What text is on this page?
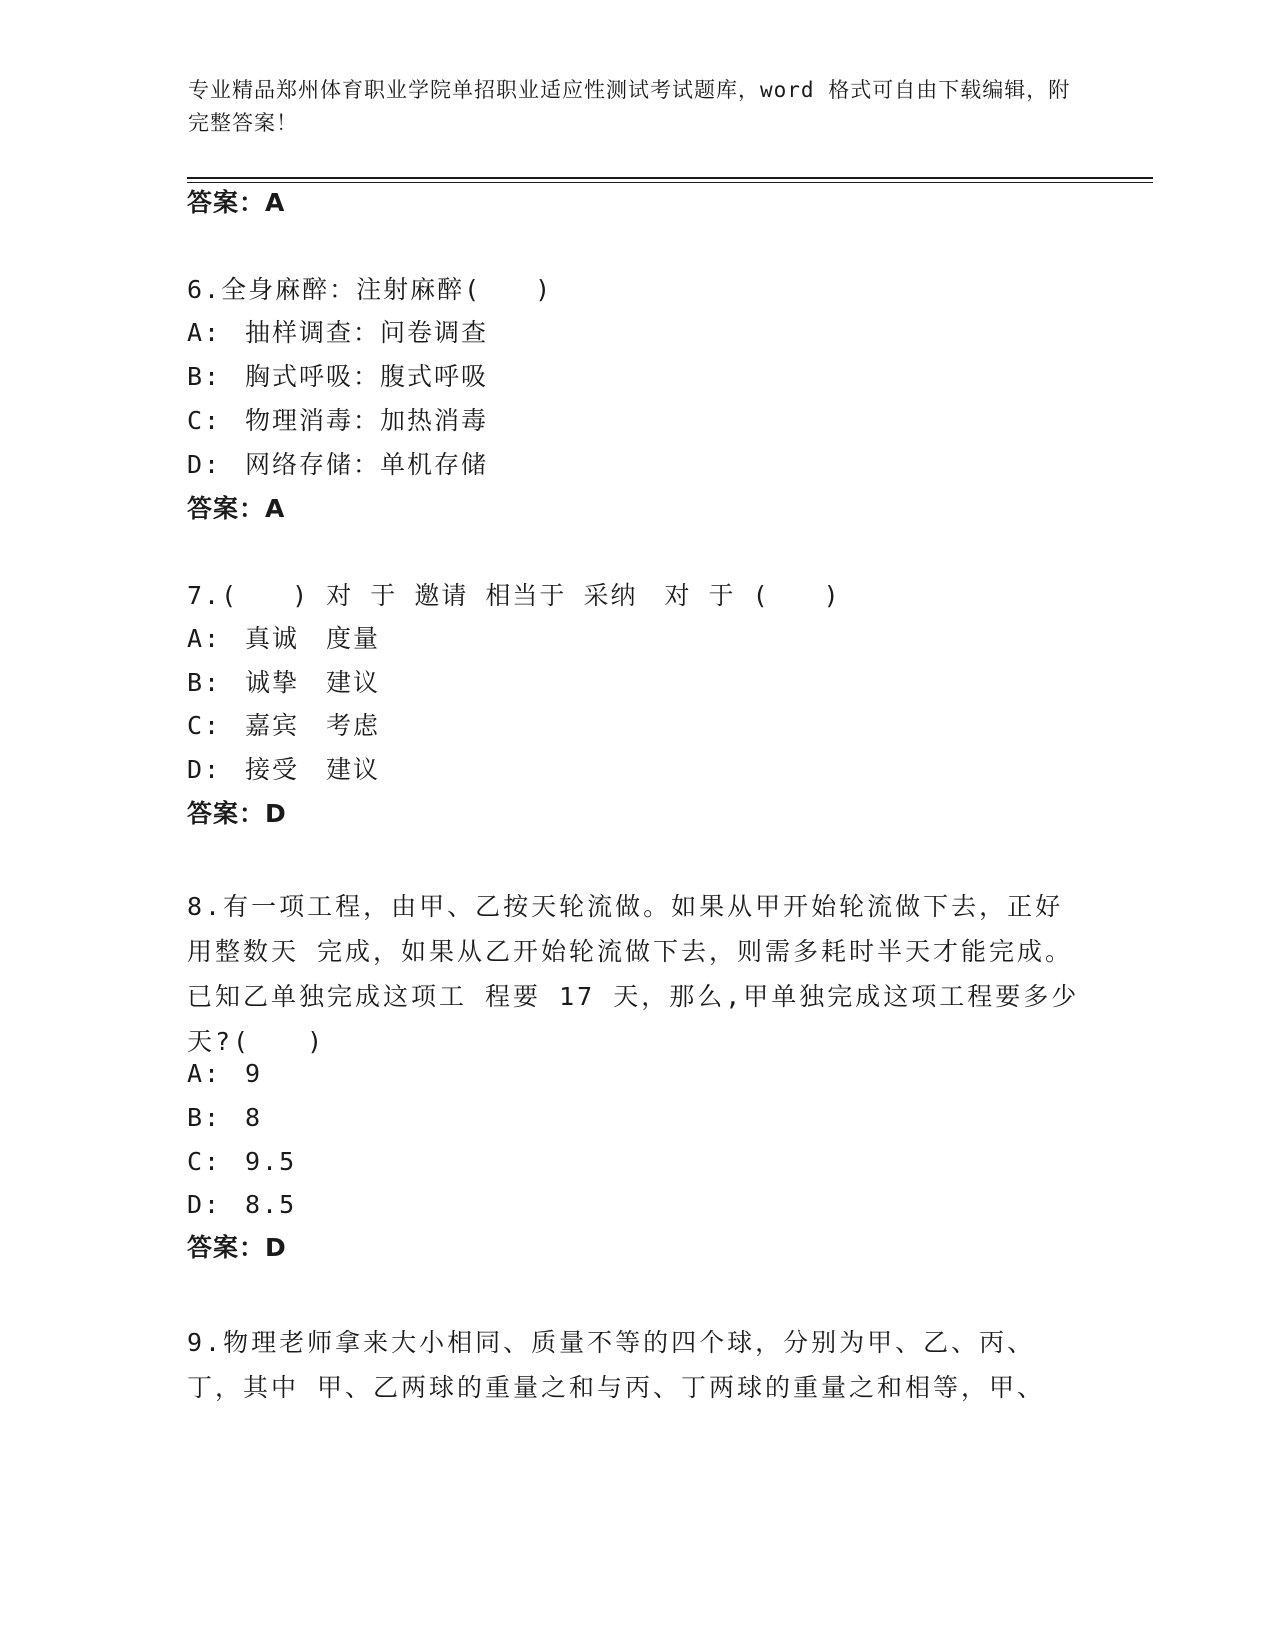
专业精品郑州体育职业学院单招职业适应性测试考试题库，word 格式可自由下载编辑，附完整答案！
答案：A
6.全身麻醉：注射麻醉(　　)
A: 抽样调查：问卷调查
B: 胸式呼吸：腹式呼吸
C: 物理消毒：加热消毒
D: 网络存储：单机存储
答案：A
7.(　　) 对 于 邀请 相当于 采纳　对 于 (　　)
A: 真诚　度量
B: 诚挚　建议
C: 嘉宾　考虑
D: 接受　建议
答案：D
8.有一项工程，由甲、乙按天轮流做。如果从甲开始轮流做下去，正好用整数天 完成，如果从乙开始轮流做下去，则需多耗时半天才能完成。已知乙单独完成这项工 程要 17 天，那么,甲单独完成这项工程要多少天?(　　)
A: 9
B: 8
C: 9.5
D: 8.5
答案：D
9.物理老师拿来大小相同、质量不等的四个球，分别为甲、乙、丙、丁，其中 甲、乙两球的重量之和与丙、丁两球的重量之和相等，甲、
